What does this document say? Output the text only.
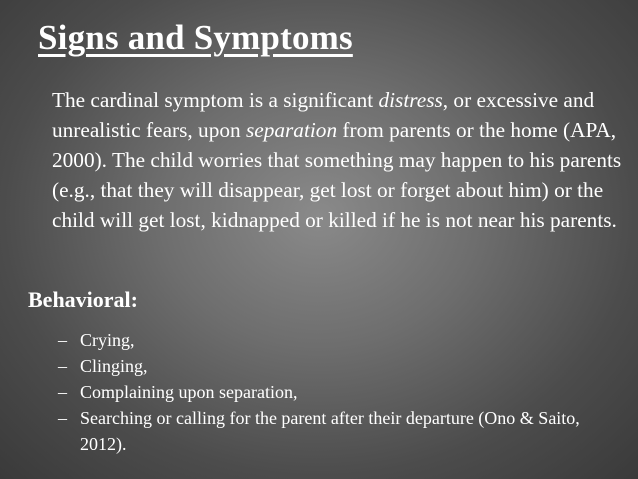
Signs and Symptoms

The cardinal symptom is a significant distress, or excessive and unrealistic fears, upon separation from parents or the home (APA, 2000). The child worries that something may happen to his parents (e.g., that they will disappear, get lost or forget about him) or the child will get lost, kidnapped or killed if he is not near his parents.

Behavioral:
– Crying,
– Clinging,
– Complaining upon separation,
– Searching or calling for the parent after their departure (Ono & Saito, 2012).
